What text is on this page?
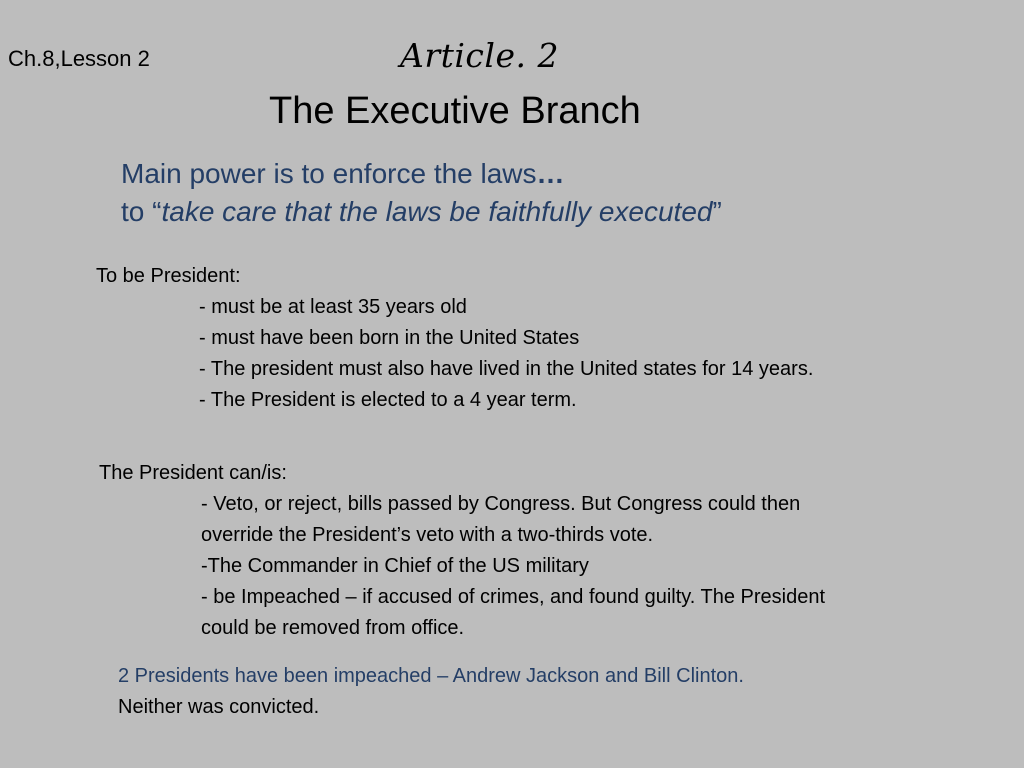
Ch.8,Lesson 2	Article. 2
The Executive Branch
Main power is to enforce the laws…
to “take care that the laws be faithfully executed”
To be President:
- must be at least 35 years old
- must have been born in the United States
- The president must also have lived in the United states for 14 years.
- The President is elected to a 4 year term.
The President can/is:
- Veto, or reject, bills passed by Congress. But Congress could then override the President’s veto with a two-thirds vote.
-The Commander in Chief of the US military
- be Impeached – if accused of crimes, and found guilty. The President could be removed from office.
2 Presidents have been impeached – Andrew Jackson and Bill Clinton.
Neither was convicted.
